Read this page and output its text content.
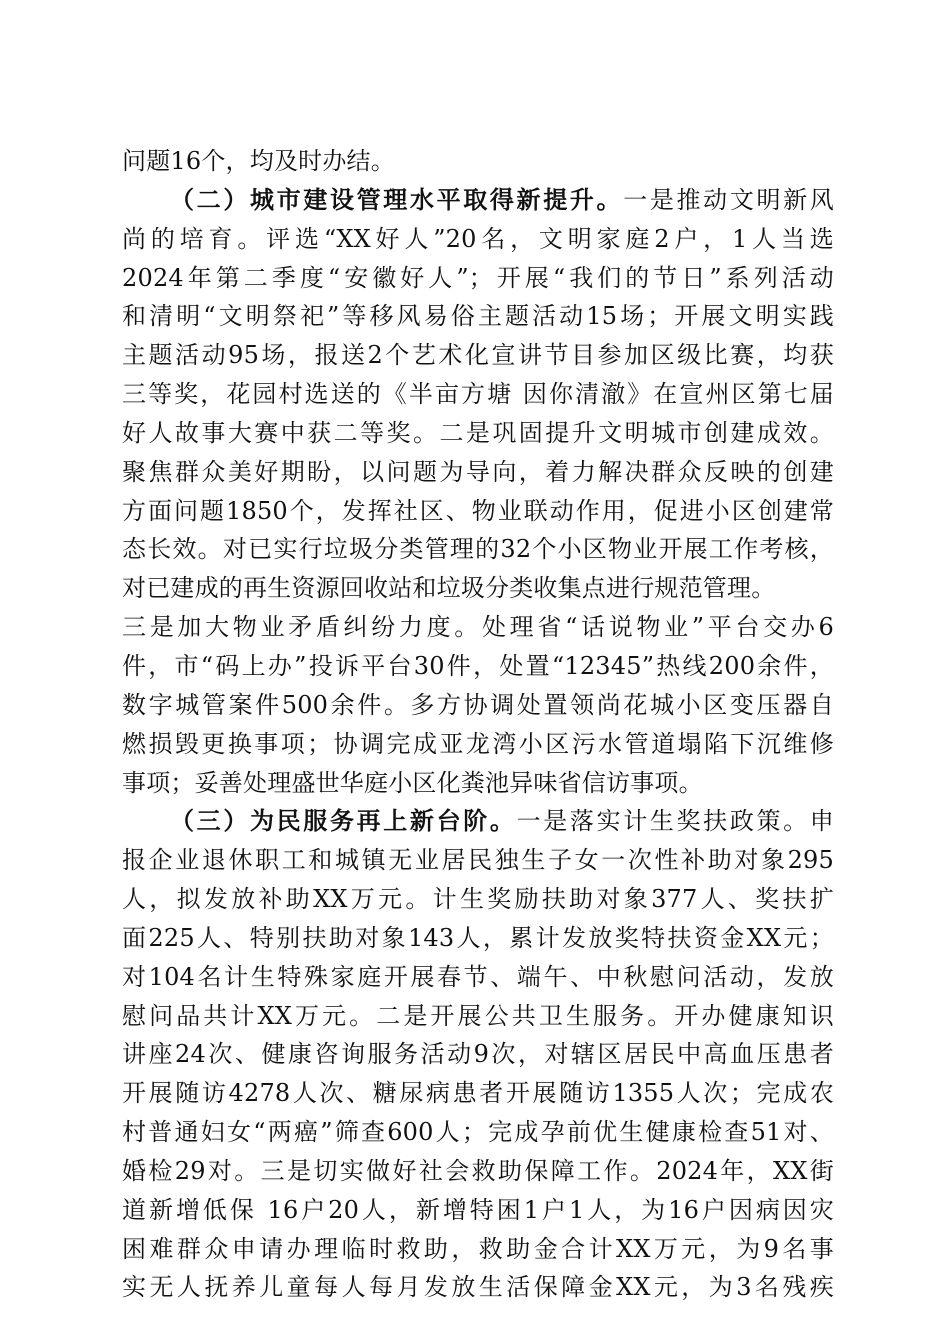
问题16个，均及时办结。
（二）城市建设管理水平取得新提升。一是推动文明新风
尚的培育。评选“XX好人”20名，文明家庭2户，1人当选
2024年第二季度“安徽好人”；开展“我们的节日”系列活动
和清明“文明祭祀”等移风易俗主题活动15场；开展文明实践
主题活动95场，报送2个艺术化宣讲节目参加区级比赛，均获
三等奖，花园村选送的《半亩方塘 因你清澈》在宣州区第七届
好人故事大赛中获二等奖。二是巩固提升文明城市创建成效。
聚焦群众美好期盼，以问题为导向，着力解决群众反映的创建
方面问题1850个，发挥社区、物业联动作用，促进小区创建常
态长效。对已实行垃圾分类管理的32个小区物业开展工作考核，
对已建成的再生资源回收站和垃圾分类收集点进行规范管理。
三是加大物业矛盾纠纷力度。处理省“话说物业”平台交办6
件，市“码上办”投诉平台30件，处置“12345”热线200余件，
数字城管案件500余件。多方协调处置领尚花城小区变压器自
燃损毁更换事项；协调完成亚龙湾小区污水管道塌陷下沉维修
事项；妥善处理盛世华庭小区化粪池异味省信访事项。
（三）为民服务再上新台阶。一是落实计生奖扶政策。申
报企业退休职工和城镇无业居民独生子女一次性补助对象295
人，拟发放补助XX万元。计生奖励扶助对象377人、奖扶扩
面225人、特别扶助对象143人，累计发放奖特扶资金XX元；
对104名计生特殊家庭开展春节、端午、中秋慰问活动，发放
慰问品共计XX万元。二是开展公共卫生服务。开办健康知识
讲座24次、健康咨询服务活动9次，对辖区居民中高血压患者
开展随访4278人次、糖尿病患者开展随访1355人次；完成农
村普通妇女“两癌”筛查600人；完成孕前优生健康检查51对、
婚检29对。三是切实做好社会救助保障工作。2024年，XX街
道新增低保 16户20人，新增特困1户1人，为16户因病因灾
困难群众申请办理临时救助，救助金合计XX万元，为9名事
实无人抚养儿童每人每月发放生活保障金XX元，为3名残疾
